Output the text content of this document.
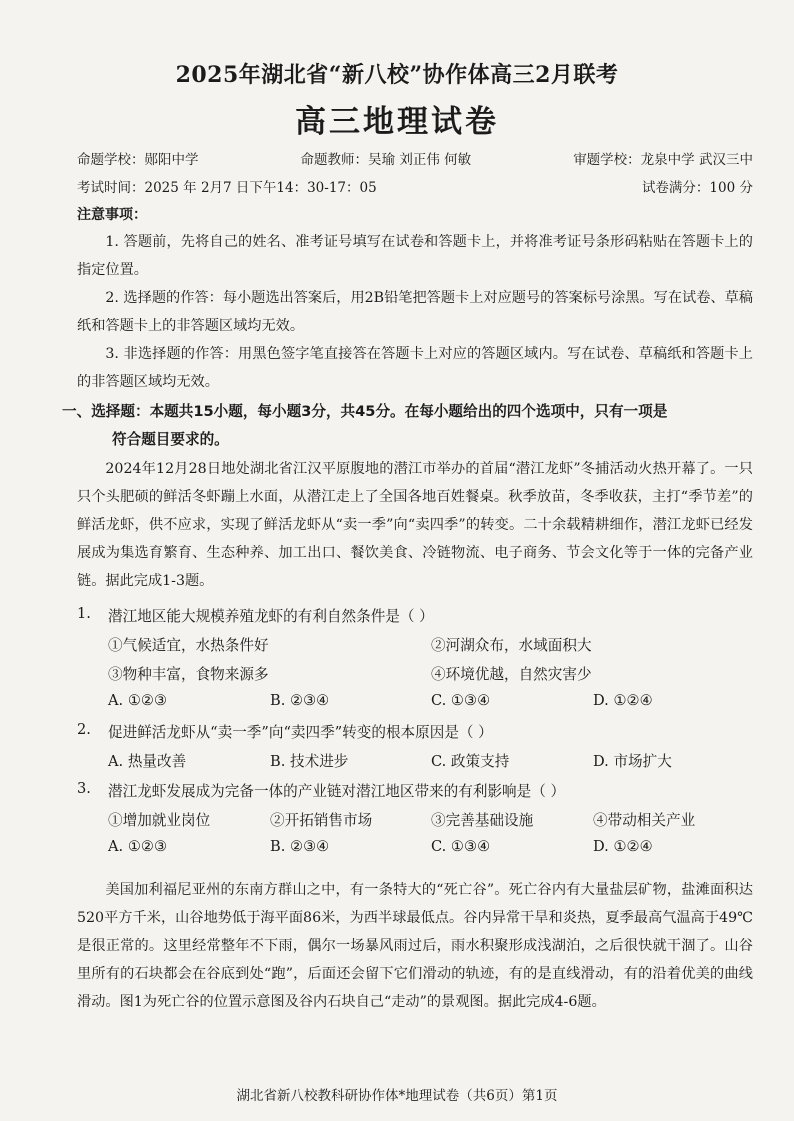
2025年湖北省“新八校”协作体高三2月联考
高三地理试卷
命题学校：郧阳中学	命题教师：吴瑜 刘正伟 何敏	审题学校：龙泉中学 武汉三中
考试时间：2025 年 2月7 日下午14：30-17：05	试卷满分：100 分
注意事项：
1. 答题前，先将自己的姓名、准考证号填写在试卷和答题卡上，并将准考证号条形码粘贴在答题卡上的指定位置。
2. 选择题的作答：每小题选出答案后，用2B铅笔把答题卡上对应题号的答案标号涂黑。写在试卷、草稿纸和答题卡上的非答题区域均无效。
3. 非选择题的作答：用黑色签字笔直接答在答题卡上对应的答题区域内。写在试卷、草稿纸和答题卡上的非答题区域均无效。
一、选择题：本题共15小题，每小题3分，共45分。在每小题给出的四个选项中，只有一项是
符合题目要求的。
2024年12月28日地处湖北省江汉平原腹地的潜江市举办的首届“潜江龙虾”冬捕活动火热开幕了。一只只个头肥硕的鲜活冬虾蹦上水面，从潜江走上了全国各地百姓餐桌。秋季放苗，冬季收获，主打“季节差”的鲜活龙虾，供不应求，实现了鲜活龙虾从“卖一季”向“卖四季”的转变。二十余载精耕细作，潜江龙虾已经发展成为集选育繁育、生态种养、加工出口、餐饮美食、冷链物流、电子商务、节会文化等于一体的完备产业链。据此完成1-3题。
1. 潜江地区能大规模养殖龙虾的有利自然条件是（ ）
①气候适宜，水热条件好	②河湖众布，水域面积大
③物种丰富，食物来源多	④环境优越，自然灾害少
A. ①②③	B. ②③④	C. ①③④	D. ①②④
2. 促进鲜活龙虾从“卖一季”向“卖四季”转变的根本原因是（ ）
A. 热量改善	B. 技术进步	C. 政策支持	D. 市场扩大
3. 潜江龙虾发展成为完备一体的产业链对潜江地区带来的有利影响是（ ）
①增加就业岗位	②开拓销售市场	③完善基础设施	④带动相关产业
A. ①②③	B. ②③④	C. ①③④	D. ①②④
美国加利福尼亚州的东南方群山之中，有一条特大的“死亡谷”。死亡谷内有大量盐层矿物，盐滩面积达520平方千米，山谷地势低于海平面86米，为西半球最低点。谷内异常干旱和炎热，夏季最高气温高于49℃是很正常的。这里经常整年不下雨，偶尔一场暴风雨过后，雨水积聚形成浅湖泊，之后很快就干涸了。山谷里所有的石块都会在谷底到处“跑”，后面还会留下它们滑动的轨迹，有的是直线滑动，有的沿着优美的曲线滑动。图1为死亡谷的位置示意图及谷内石块自己“走动”的景观图。据此完成4-6题。
湖北省新八校教科研协作体*地理试卷（共6页）第1页
